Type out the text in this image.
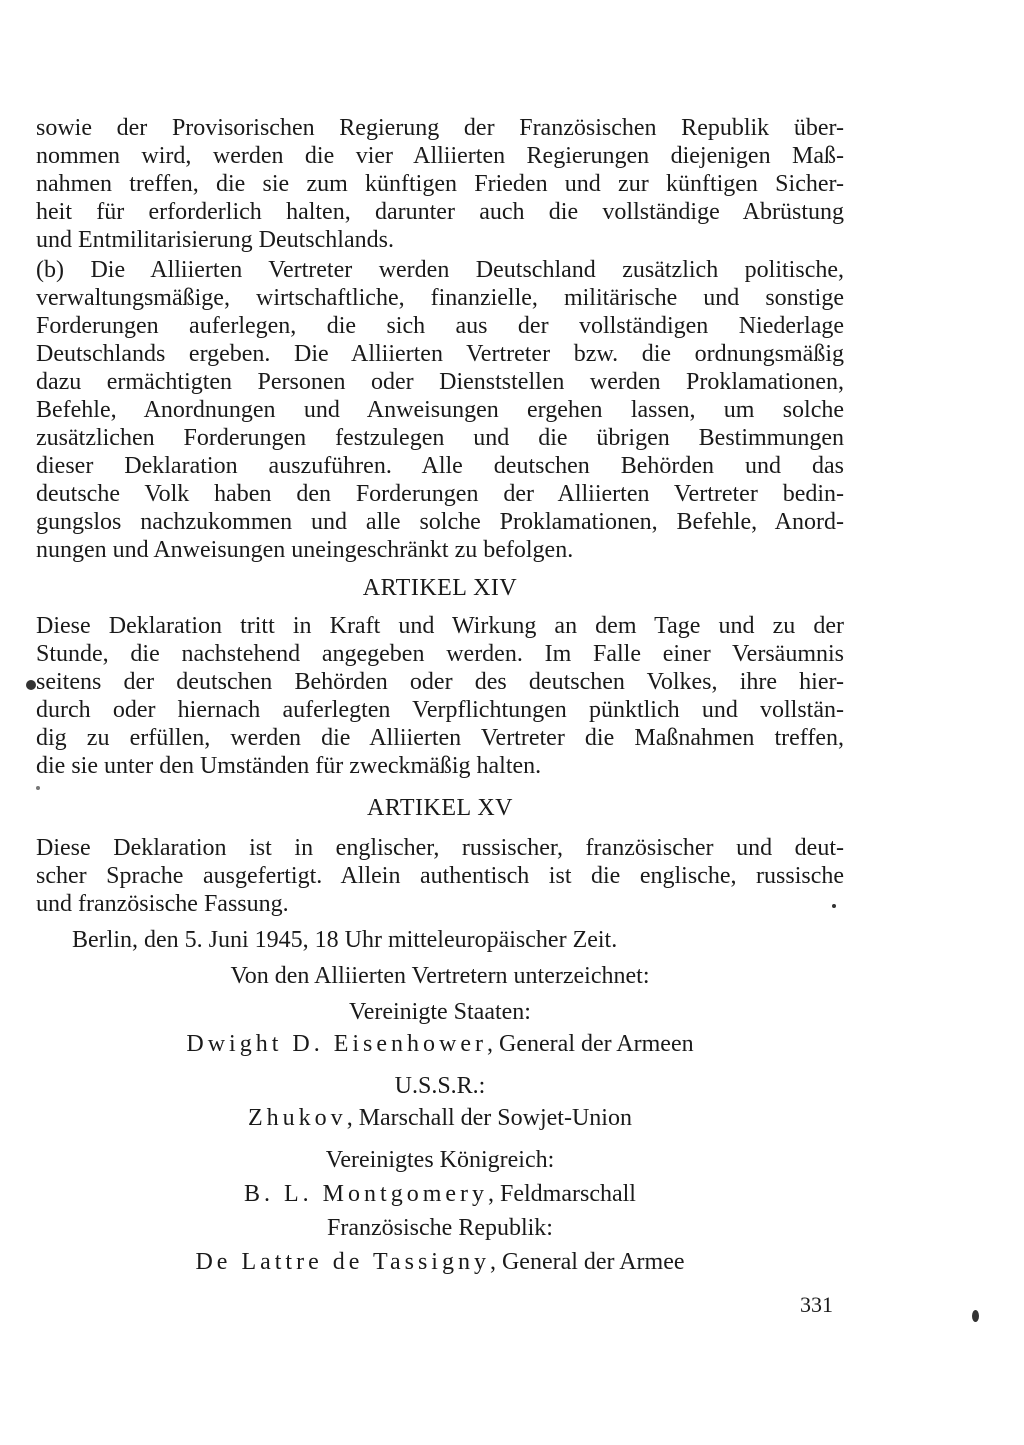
sowie der Provisorischen Regierung der Französischen Republik über-
nommen wird, werden die vier Alliierten Regierungen diejenigen Maß-
nahmen treffen, die sie zum künftigen Frieden und zur künftigen Sicher-
heit für erforderlich halten, darunter auch die vollständige Abrüstung
und Entmilitarisierung Deutschlands.
(b) Die Alliierten Vertreter werden Deutschland zusätzlich politische,
verwaltungsmäßige, wirtschaftliche, finanzielle, militärische und sonstige
Forderungen auferlegen, die sich aus der vollständigen Niederlage
Deutschlands ergeben. Die Alliierten Vertreter bzw. die ordnungsmäßig
dazu ermächtigten Personen oder Dienststellen werden Proklamationen,
Befehle, Anordnungen und Anweisungen ergehen lassen, um solche
zusätzlichen Forderungen festzulegen und die übrigen Bestimmungen
dieser Deklaration auszuführen. Alle deutschen Behörden und das
deutsche Volk haben den Forderungen der Alliierten Vertreter bedin-
gungslos nachzukommen und alle solche Proklamationen, Befehle, Anord-
nungen und Anweisungen uneingeschränkt zu befolgen.
ARTIKEL XIV
Diese Deklaration tritt in Kraft und Wirkung an dem Tage und zu der
Stunde, die nachstehend angegeben werden. Im Falle einer Versäumnis
seitens der deutschen Behörden oder des deutschen Volkes, ihre hier-
durch oder hiernach auferlegten Verpflichtungen pünktlich und vollstän-
dig zu erfüllen, werden die Alliierten Vertreter die Maßnahmen treffen,
die sie unter den Umständen für zweckmäßig halten.
ARTIKEL XV
Diese Deklaration ist in englischer, russischer, französischer und deut-
scher Sprache ausgefertigt. Allein authentisch ist die englische, russische
und französische Fassung.
Berlin, den 5. Juni 1945, 18 Uhr mitteleuropäischer Zeit.
Von den Alliierten Vertretern unterzeichnet:
Vereinigte Staaten:
Dwight D. Eisenhower, General der Armeen
U.S.S.R.:
Zhukov, Marschall der Sowjet-Union
Vereinigtes Königreich:
B. L. Montgomery, Feldmarschall
Französische Republik:
De Lattre de Tassigny, General der Armee
331
